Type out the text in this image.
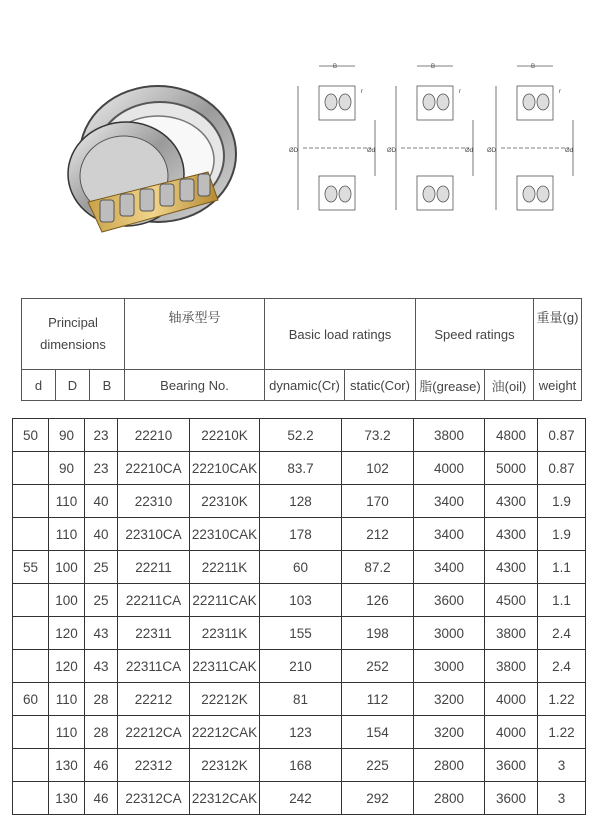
B
r
ØD	Ød
Principal
dimensions			轴承型号	Basic load ratings		Speed ratings		重量(g)
d	D	B	Bearing No.	dynamic(Cr)	static(Cor)	脂(grease)	油(oil)	weight
50	90	23	22210	22210K	52.2	73.2	3800	4800	0.87
	90	23	22210CA	22210CAK	83.7	102	4000	5000	0.87
	110	40	22310	22310K	128	170	3400	4300	1.9
	110	40	22310CA	22310CAK	178	212	3400	4300	1.9
55	100	25	22211	22211K	60	87.2	3400	4300	1.1
	100	25	22211CA	22211CAK	103	126	3600	4500	1.1
	120	43	22311	22311K	155	198	3000	3800	2.4
	120	43	22311CA	22311CAK	210	252	3000	3800	2.4
60	110	28	22212	22212K	81	112	3200	4000	1.22
	110	28	22212CA	22212CAK	123	154	3200	4000	1.22
	130	46	22312	22312K	168	225	2800	3600	3
	130	46	22312CA	22312CAK	242	292	2800	3600	3
